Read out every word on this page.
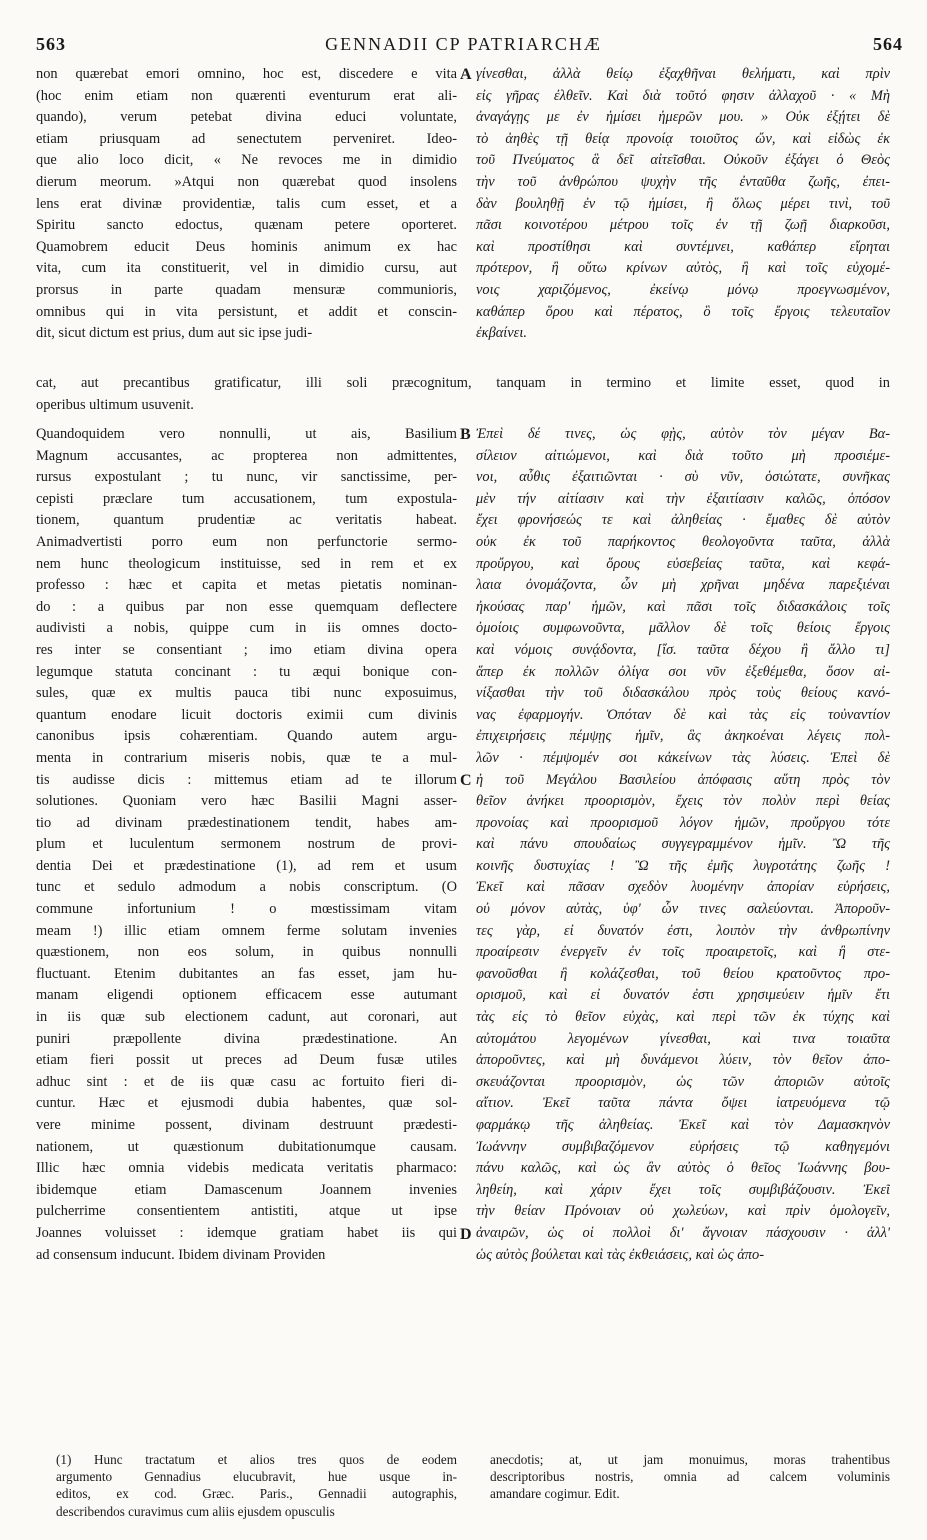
563	GENNADII CP PATRIARCHÆ	564
non quærebat emori omnino, hoc est, discedere e vita
(hoc enim etiam non quærenti eventurum erat ali-
quando), verum petebat divina educi voluntate,
etiam priusquam ad senectutem perveniret. Ideo-
que alio loco dicit, « Ne revoces me in dimidio
dierum meorum. »Atqui non quærebat quod insolens
lens erat divinæ providentiæ, talis cum esset, et a
Spiritu sancto edoctus, quænam petere oporteret.
Quamobrem educit Deus hominis animum ex hac
vita, cum ita constituerit, vel in dimidio cursu, aut
prorsus in parte quadam mensuræ communioris,
omnibus qui in vita persistunt, et addit et conscin-
dit, sicut dictum est prius, dum aut sic ipse judi-
γίνεσθαι, ἀλλὰ θείῳ ἐξαχθῆναι θελήματι, καὶ πρὶν
εἰς γῆρας ἐλθεῖν. Καὶ διὰ τοῦτό φησιν ἀλλαχοῦ · « Μὴ
ἀναγάγῃς με ἐν ἡμίσει ἡμερῶν μου. » Οὐκ ἐξῄτει δὲ
τὸ ἀηθὲς τῇ θείᾳ προνοίᾳ τοιοῦτος ὤν, καὶ εἰδὼς ἐκ
τοῦ Πνεύματος ἃ δεῖ αἰτεῖσθαι. Οὐκοῦν ἐξάγει ὁ Θεὸς
τὴν τοῦ ἀνθρώπου ψυχὴν τῆς ἐνταῦθα ζωῆς, ἐπει-
δὰν βουληθῇ ἐν τῷ ἡμίσει, ἢ ὅλως μέρει τινὶ, τοῦ
πᾶσι κοινοτέρου μέτρου τοῖς ἐν τῇ ζωῇ διαρκοῦσι,
καὶ προστίθησι καὶ συντέμνει, καθάπερ εἴρηται
πρότερον, ἢ οὕτω κρίνων αὐτὸς, ἢ καὶ τοῖς εὐχομέ-
νοις χαριζόμενος, ἐκείνῳ μόνῳ προεγνωσμένον,
καθάπερ ὅρου καὶ πέρατος, ὃ τοῖς ἔργοις τελευταῖον
ἐκβαίνει.
cat, aut precantibus gratificatur, illi soli præcognitum, tanquam in termino et limite esset, quod in
operibus ultimum usuvenit.
Quandoquidem vero nonnulli, ut ais, Basilium
Magnum accusantes, ac propterea non admittentes,
rursus expostulant ; tu nunc, vir sanctissime, per-
cepisti præclare tum accusationem, tum expostula-
tionem, quantum prudentiæ ac veritatis habeat.
Animadvertisti porro eum non perfunctorie sermo-
nem hunc theologicum instituisse, sed in rem et ex
professo : hæc et capita et metas pietatis nominan-
do : a quibus par non esse quemquam deflectere
audivisti a nobis, quippe cum in iis omnes docto-
res inter se consentiant ; imo etiam divina opera
legumque statuta concinant : tu æqui bonique con-
sules, quæ ex multis pauca tibi nunc exposuimus,
quantum enodare licuit doctoris eximii cum divinis
canonibus ipsis cohærentiam. Quando autem argu-
menta in contrarium miseris nobis, quæ te a mul-
tis audisse dicis : mittemus etiam ad te illorum
solutiones. Quoniam vero hæc Basilii Magni asser-
tio ad divinam prædestinationem tendit, habes am-
plum et luculentum sermonem nostrum de provi-
dentia Dei et prædestinatione (1), ad rem et usum
tunc et sedulo admodum a nobis conscriptum. (O
commune infortunium ! o mœstissimam vitam
meam !) illic etiam omnem ferme solutam invenies
quæstionem, non eos solum, in quibus nonnulli
fluctuant. Etenim dubitantes an fas esset, jam hu-
manam eligendi optionem efficacem esse autumant
in iis quæ sub electionem cadunt, aut coronari, aut
puniri præpollente divina prædestinatione. An
etiam fieri possit ut preces ad Deum fusæ utiles
adhuc sint : et de iis quæ casu ac fortuito fieri di-
cuntur. Hæc et ejusmodi dubia habentes, quæ sol-
vere minime possent, divinam destruunt prædesti-
nationem, ut quæstionum dubitationumque causam.
Illic hæc omnia videbis medicata veritatis pharmaco:
ibidemque etiam Damascenum Joannem invenies
pulcherrime consentientem antistiti, atque ut ipse
Joannes voluisset : idemque gratiam habet iis qui
ad consensum inducunt. Ibidem divinam Providen
Ἐπεὶ δέ τινες, ὡς φῂς, αὐτὸν τὸν μέγαν Βα-
σίλειον αἰτιώμενοι, καὶ διὰ τοῦτο μὴ προσιέμε-
νοι, αὖθις ἐξαιτιῶνται · σὺ νῦν, ὁσιώτατε, συνῆκας
μὲν τήν αἰτίασιν καὶ τὴν ἐξαιτίασιν καλῶς, ὁπόσον
ἔχει φρονήσεώς τε καὶ ἀληθείας · ἔμαθες δὲ αὐτὸν
οὐκ ἐκ τοῦ παρήκοντος θεολογοῦντα ταῦτα, ἀλλὰ
προὔργου, καὶ ὅρους εὐσεβείας ταῦτα, καὶ κεφά-
λαια ὀνομάζοντα, ὧν μὴ χρῆναι μηδένα παρεξιέναι
ἠκούσας παρ' ἡμῶν, καὶ πᾶσι τοῖς διδασκάλοις τοῖς
ὁμοίοις συμφωνοῦντα, μᾶλλον δὲ τοῖς θείοις ἔργοις
καὶ νόμοις συνᾴδοντα, [ἴσ. ταῦτα δέχου ἢ ἄλλο τι]
ἅπερ ἐκ πολλῶν ὀλίγα σοι νῦν ἐξεθέμεθα, ὅσον αἰ-
νίξασθαι τὴν τοῦ διδασκάλου πρὸς τοὺς θείους κανό-
νας ἐφαρμογήν. Ὁπόταν δὲ καὶ τὰς εἰς τοὐναντίον
ἐπιχειρήσεις πέμψῃς ἡμῖν, ἃς ἀκηκοέναι λέγεις πολ-
λῶν · πέμψομέν σοι κἀκείνων τὰς λύσεις. Ἐπεὶ δὲ
ἡ τοῦ Μεγάλου Βασιλείου ἀπόφασις αὕτη πρὸς τὸν
θεῖον ἀνήκει προορισμὸν, ἔχεις τὸν πολὺν περὶ θείας
προνοίας καὶ προορισμοῦ λόγον ἡμῶν, προὔργου τότε
καὶ πάνυ σπουδαίως συγγεγραμμένον ἡμῖν. Ὢ τῆς
κοινῆς δυστυχίας ! Ὢ τῆς ἐμῆς λυγροτάτης ζωῆς !
Ἐκεῖ καὶ πᾶσαν σχεδὸν λυομένην ἀπορίαν εὑρήσεις,
οὐ μόνον αὐτὰς, ὑφ' ὧν τινες σαλεύονται. Ἀποροῦν-
τες γὰρ, εἰ δυνατόν ἐστι, λοιπὸν τὴν ἀνθρωπίνην
προαίρεσιν ἐνεργεῖν ἐν τοῖς προαιρετοῖς, καὶ ἢ στε-
φανοῦσθαι ἢ κολάζεσθαι, τοῦ θείου κρατοῦντος προ-
ορισμοῦ, καὶ εἰ δυνατόν ἐστι χρησιμεύειν ἡμῖν ἔτι
τὰς εἰς τὸ θεῖον εὐχὰς, καὶ περὶ τῶν ἐκ τύχης καὶ
αὐτομάτου λεγομένων γίνεσθαι, καὶ τινα τοιαῦτα
ἀποροῦντες, καὶ μὴ δυνάμενοι λύειν, τὸν θεῖον ἀπο-
σκευάζονται προορισμὸν, ὡς τῶν ἀποριῶν αὐτοῖς
αἴτιον. Ἐκεῖ ταῦτα πάντα ὄψει ἰατρευόμενα τῷ
φαρμάκῳ τῆς ἀληθείας. Ἐκεῖ καὶ τὸν Δαμασκηνὸν
Ἰωάννην συμβιβαζόμενον εὑρήσεις τῷ καθηγεμόνι
πάνυ καλῶς, καὶ ὡς ἂν αὐτὸς ὁ θεῖος Ἰωάννης βου-
ληθείη, καὶ χάριν ἔχει τοῖς συμβιβάζουσιν. Ἐκεῖ
τὴν θείαν Πρόνοιαν οὐ χωλεύων, καὶ πρὶν ὁμολογεῖν,
ἀναιρῶν, ὡς οἱ πολλοὶ δι' ἄγνοιαν πάσχουσιν · ἀλλ'
ὡς αὐτὸς βούλεται καὶ τὰς ἐκθειάσεις, καὶ ὡς ἀπο-
A
B
C
D
(1) Hunc tractatum et alios tres quos de eodem
argumento Gennadius elucubravit, hue usque in-
editos, ex cod. Græc. Paris., Gennadii autographis,
describendos curavimus cum aliis ejusdem opusculis
anecdotis; at, ut jam monuimus, moras trahentibus
descriptoribus nostris, omnia ad calcem voluminis
amandare cogimur. Edit.
